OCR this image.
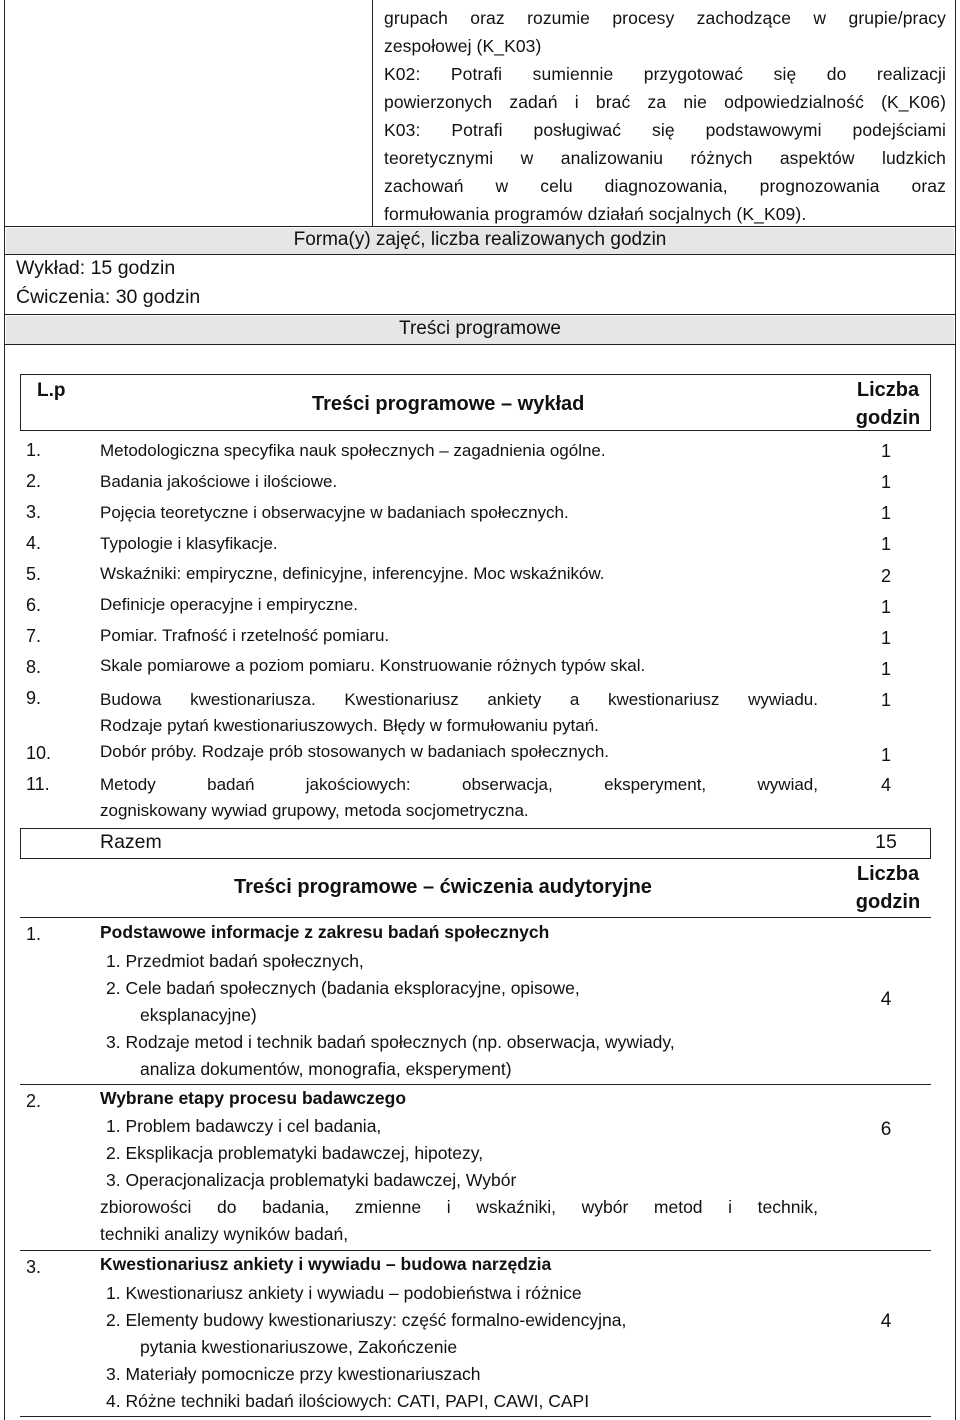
grupach oraz rozumie procesy zachodzące w grupie/pracy
zespołowej (K_K03)
K02: Potrafi sumiennie przygotować się do realizacji
powierzonych zadań i brać za nie odpowiedzialność (K_K06)
K03: Potrafi posługiwać się podstawowymi podejściami
teoretycznymi w analizowaniu różnych aspektów ludzkich
zachowań w celu diagnozowania, prognozowania oraz
formułowania programów działań socjalnych (K_K09).
Forma(y) zajęć, liczba realizowanych godzin
Wykład: 15 godzin
Ćwiczenia: 30 godzin
Treści programowe
L.p
Treści programowe – wykład
Liczba
godzin
1.	Metodologiczna specyfika nauk społecznych – zagadnienia ogólne.	1
2.	Badania jakościowe i ilościowe.	1
3.	Pojęcia teoretyczne i obserwacyjne w badaniach społecznych.	1
4.	Typologie i klasyfikacje.	1
5.	Wskaźniki: empiryczne, definicyjne, inferencyjne. Moc wskaźników.	2
6.	Definicje operacyjne i empiryczne.	1
7.	Pomiar. Trafność i rzetelność pomiaru.	1
8.	Skale pomiarowe a poziom pomiaru. Konstruowanie różnych typów skal.	1
9.	Budowa kwestionariusza. Kwestionariusz ankiety a kwestionariusz wywiadu.
Rodzaje pytań kwestionariuszowych. Błędy w formułowaniu pytań.
1
10.	Dobór próby. Rodzaje prób stosowanych w badaniach społecznych.	1
11.	Metody badań jakościowych: obserwacja, eksperyment, wywiad,
zogniskowany wywiad grupowy, metoda socjometryczna.
4
Razem	15
Treści programowe – ćwiczenia audytoryjne
Liczba
godzin
1.	Podstawowe informacje z zakresu badań społecznych
1. Przedmiot badań społecznych,
2. Cele badań społecznych (badania eksploracyjne, opisowe,
eksplanacyjne)
3. Rodzaje metod i technik badań społecznych (np. obserwacja, wywiady,
analiza dokumentów, monografia, eksperyment)
4
2.	Wybrane etapy procesu badawczego
1. Problem badawczy i cel badania,
2. Eksplikacja problematyki badawczej, hipotezy,
3. Operacjonalizacja problematyki badawczej, Wybór
zbiorowości do badania, zmienne i wskaźniki, wybór metod i technik,
techniki analizy wyników badań,
6
3.	Kwestionariusz ankiety i wywiadu – budowa narzędzia
1. Kwestionariusz ankiety i wywiadu – podobieństwa i różnice
2. Elementy budowy kwestionariuszy: część formalno-ewidencyjna,
pytania kwestionariuszowe, Zakończenie
3. Materiały pomocnicze przy kwestionariuszach
4. Różne techniki badań ilościowych: CATI, PAPI, CAWI, CAPI
4
